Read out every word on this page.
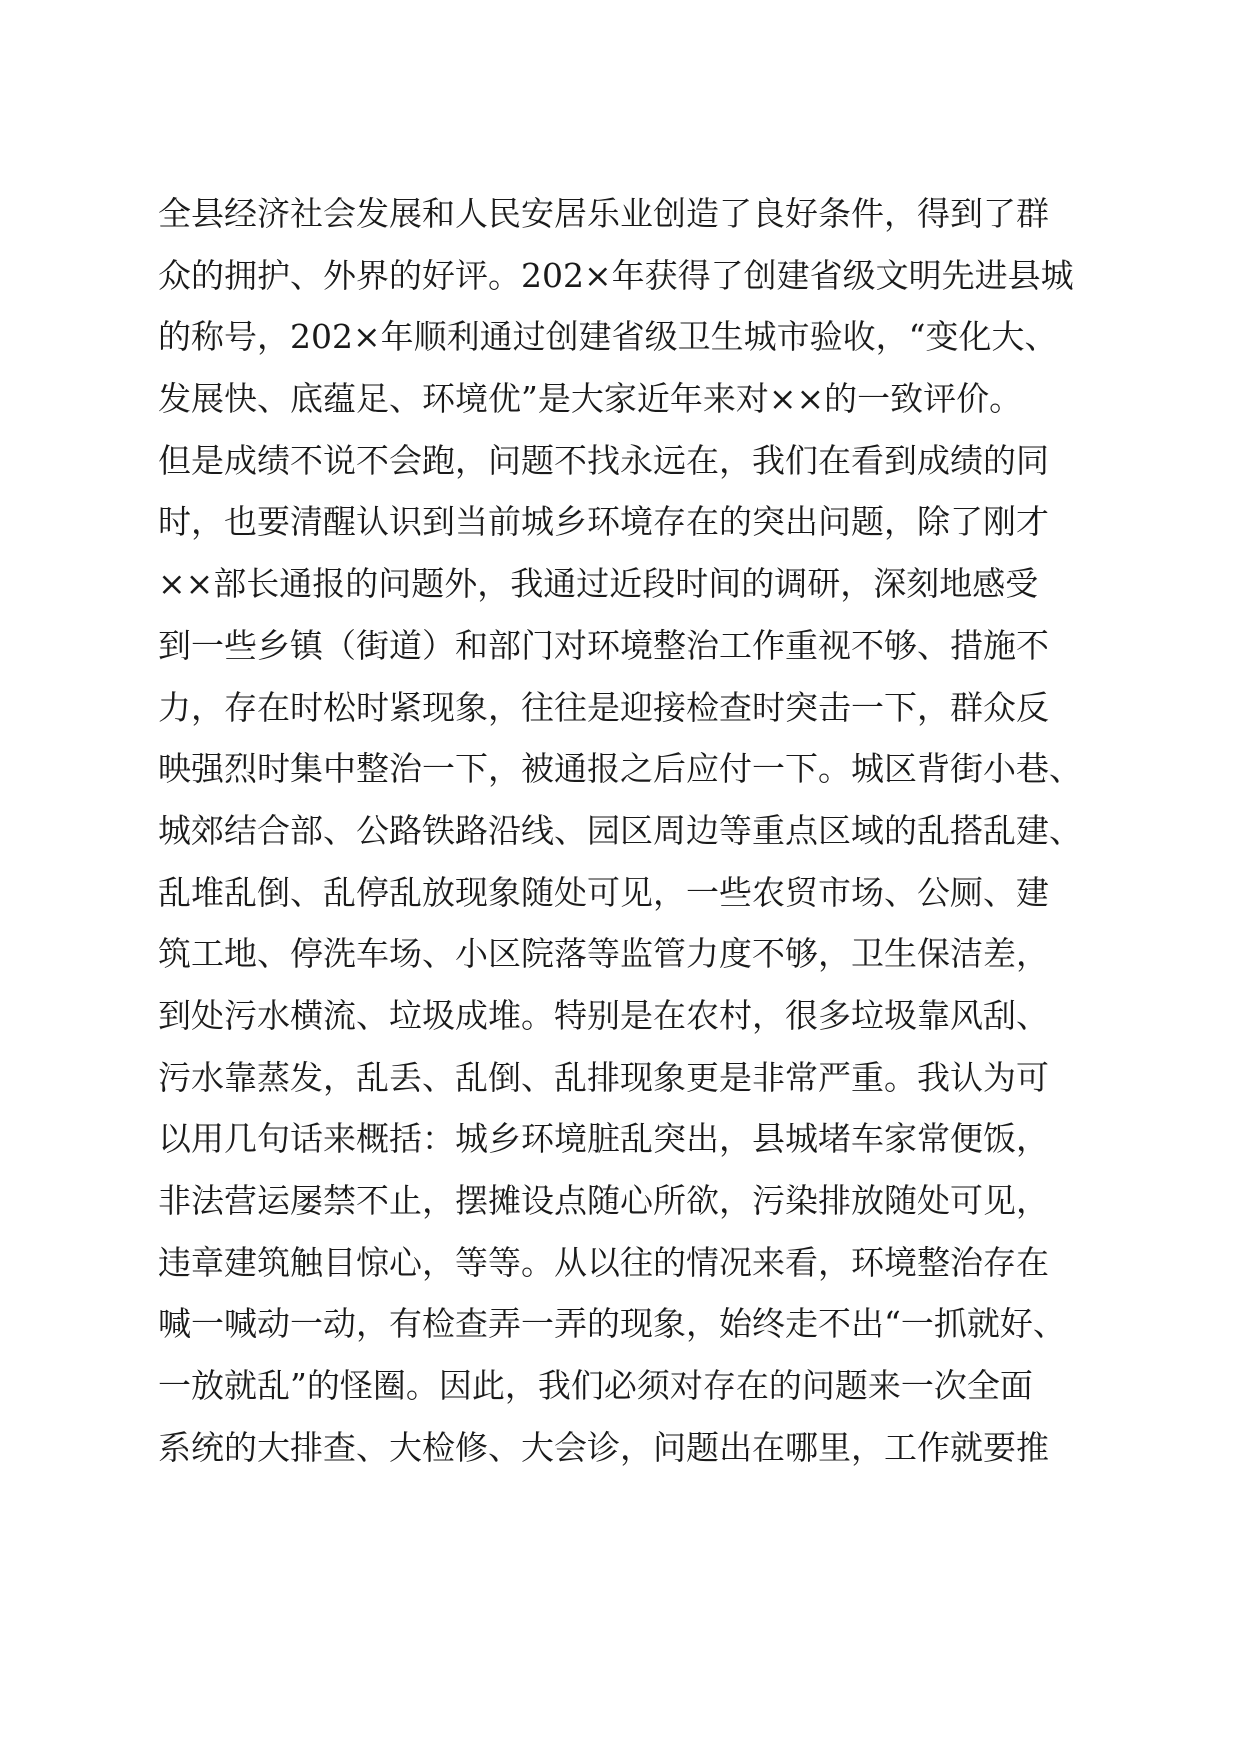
全县经济社会发展和人民安居乐业创造了良好条件，得到了群
众的拥护、外界的好评。202×年获得了创建省级文明先进县城
的称号，202×年顺利通过创建省级卫生城市验收，“变化大、
发展快、底蕴足、环境优”是大家近年来对××的一致评价。
但是成绩不说不会跑，问题不找永远在，我们在看到成绩的同
时，也要清醒认识到当前城乡环境存在的突出问题，除了刚才
××部长通报的问题外，我通过近段时间的调研，深刻地感受
到一些乡镇（街道）和部门对环境整治工作重视不够、措施不
力，存在时松时紧现象，往往是迎接检查时突击一下，群众反
映强烈时集中整治一下，被通报之后应付一下。城区背街小巷、
城郊结合部、公路铁路沿线、园区周边等重点区域的乱搭乱建、
乱堆乱倒、乱停乱放现象随处可见，一些农贸市场、公厕、建
筑工地、停洗车场、小区院落等监管力度不够，卫生保洁差，
到处污水横流、垃圾成堆。特别是在农村，很多垃圾靠风刮、
污水靠蒸发，乱丢、乱倒、乱排现象更是非常严重。我认为可
以用几句话来概括：城乡环境脏乱突出，县城堵车家常便饭，
非法营运屡禁不止，摆摊设点随心所欲，污染排放随处可见，
违章建筑触目惊心，等等。从以往的情况来看，环境整治存在
喊一喊动一动，有检查弄一弄的现象，始终走不出“一抓就好、
一放就乱”的怪圈。因此，我们必须对存在的问题来一次全面
系统的大排查、大检修、大会诊，问题出在哪里，工作就要推
